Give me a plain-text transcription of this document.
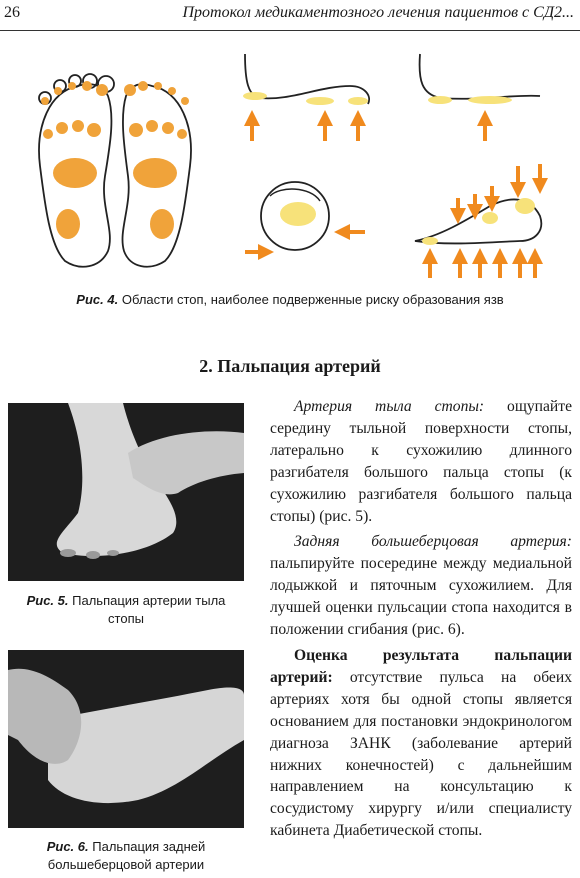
26	Протокол медикаментозного лечения пациентов с СД2...
Рис. 4. Области стоп, наиболее подверженные риску образования язв
2. Пальпация артерий
Рис. 5. Пальпация артерии тыла стопы
Рис. 6. Пальпация задней большеберцовой артерии

Артерия тыла стопы: ощупайте середину тыльной поверхности стопы, латерально к сухожилию длинного разгибателя большого пальца стопы (к сухожилию разгибателя большого пальца стопы) (рис. 5).

Задняя большеберцовая артерия: пальпируйте посередине между медиальной лодыжкой и пяточным сухожилием. Для лучшей оценки пульсации стопа находится в положении сгибания (рис. 6).

Оценка результата пальпации артерий: отсутствие пульса на обеих артериях хотя бы одной стопы является основанием для постановки эндокринологом диагноза ЗАНК (заболевание артерий нижних конечностей) с дальнейшим направлением на консультацию к сосудистому хирургу и/или специалисту кабинета Диабетической стопы.
